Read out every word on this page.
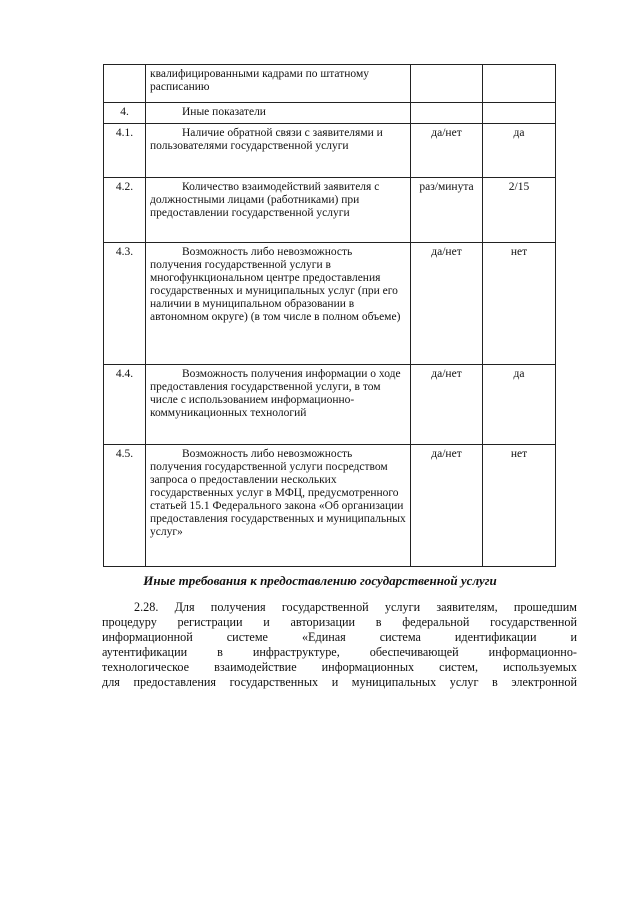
	квалифицированными кадрами по штатному расписанию		
4.	Иные показатели		
4.1.	Наличие обратной связи с заявителями и пользователями государственной услуги	да/нет	да
4.2.	Количество взаимодействий заявителя с должностными лицами (работниками) при предоставлении государственной услуги	раз/минута	2/15
4.3.	Возможность либо невозможность получения государственной услуги в многофункциональном центре предоставления государственных и муниципальных услуг (при его наличии в муниципальном образовании в автономном округе) (в том числе в полном объеме)	да/нет	нет
4.4.	Возможность получения информации о ходе предоставления государственной услуги, в том числе с использованием информационно-коммуникационных технологий	да/нет	да
4.5.	Возможность либо невозможность получения государственной услуги посредством запроса о предоставлении нескольких государственных услуг в МФЦ, предусмотренного статьей 15.1 Федерального закона «Об организации предоставления государственных и муниципальных услуг»	да/нет	нет
Иные требования к предоставлению государственной услуги
2.28. Для получения государственной услуги заявителям, прошедшим
процедуру регистрации и авторизации в федеральной государственной
информационной системе «Единая система идентификации и
аутентификации в инфраструктуре, обеспечивающей информационно-
технологическое взаимодействие информационных систем, используемых
для предоставления государственных и муниципальных услуг в электронной
